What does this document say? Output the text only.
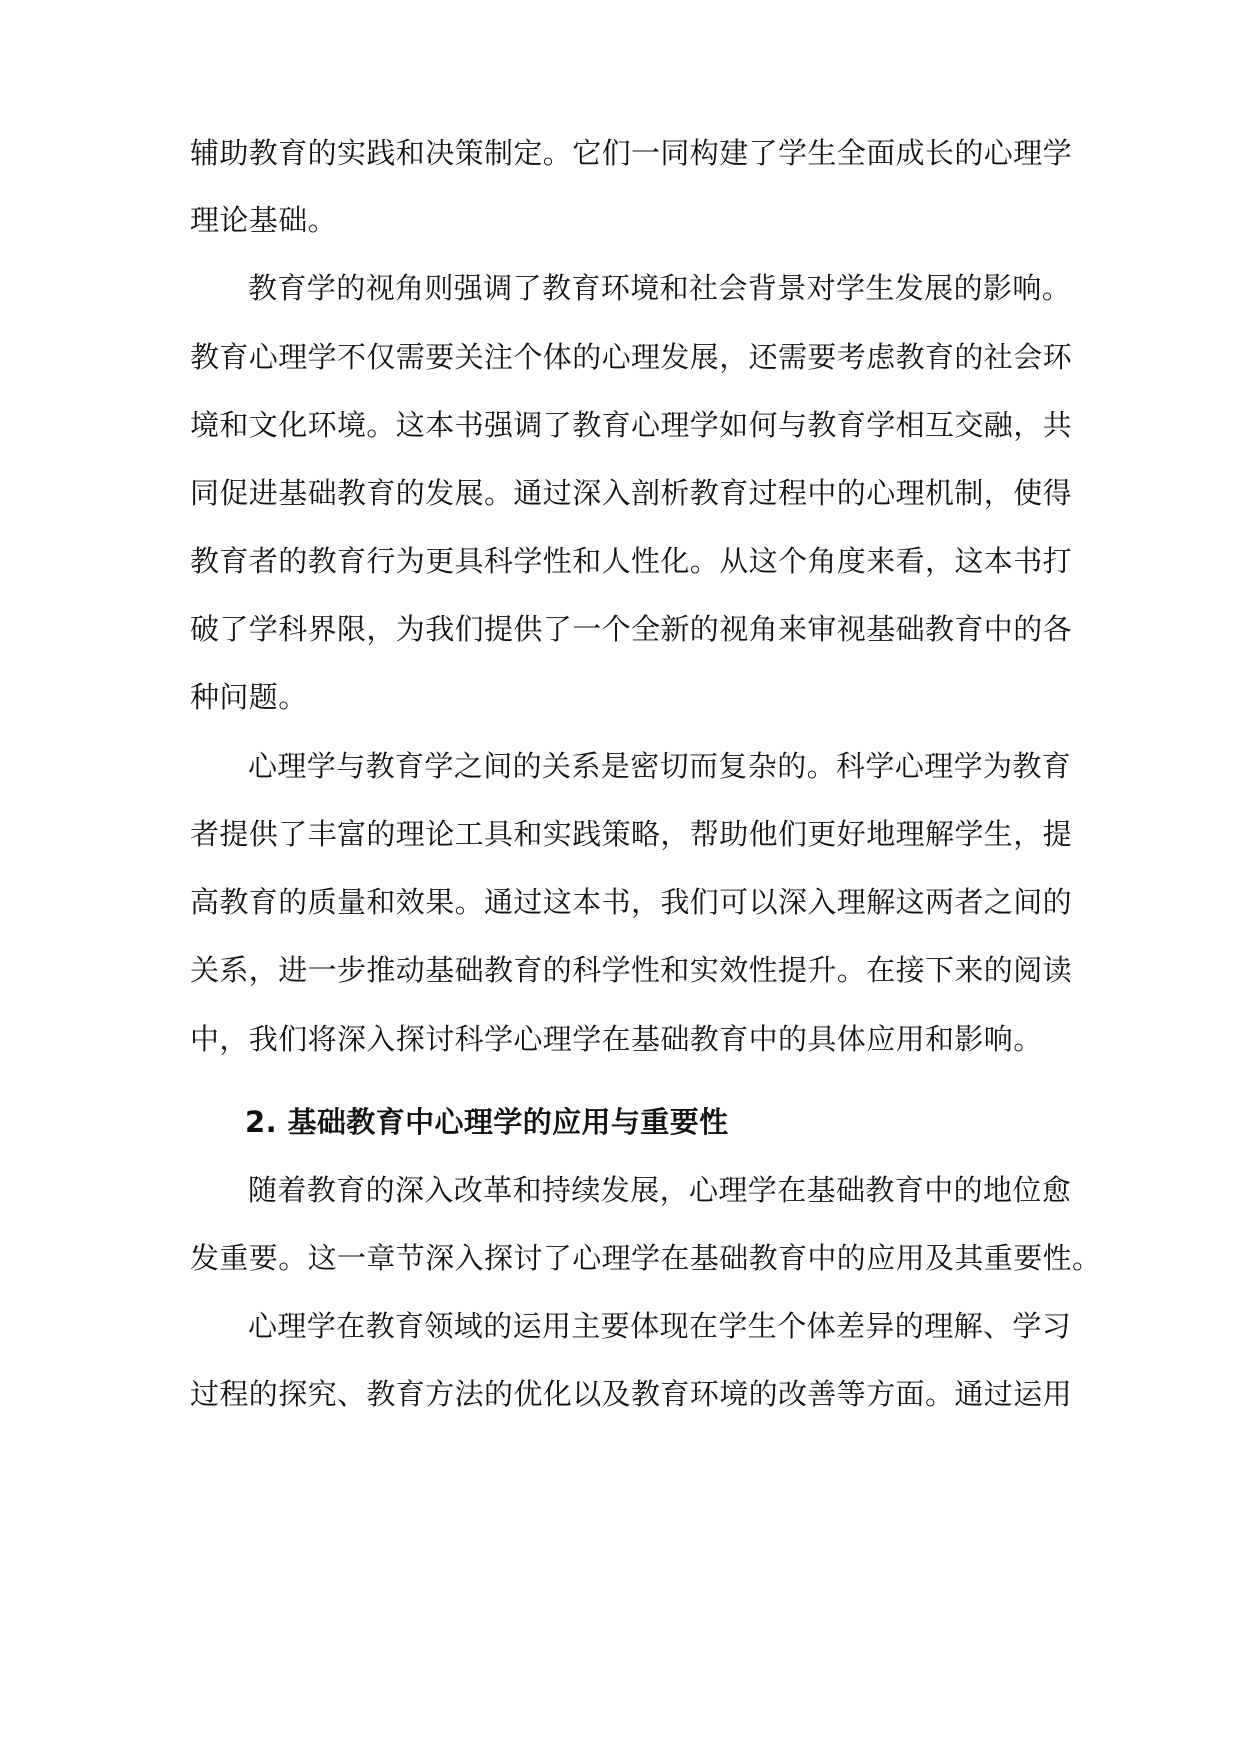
辅助教育的实践和决策制定。它们一同构建了学生全面成长的心理学
理论基础。
教育学的视角则强调了教育环境和社会背景对学生发展的影响。
教育心理学不仅需要关注个体的心理发展，还需要考虑教育的社会环
境和文化环境。这本书强调了教育心理学如何与教育学相互交融，共
同促进基础教育的发展。通过深入剖析教育过程中的心理机制，使得
教育者的教育行为更具科学性和人性化。从这个角度来看，这本书打
破了学科界限，为我们提供了一个全新的视角来审视基础教育中的各
种问题。
心理学与教育学之间的关系是密切而复杂的。科学心理学为教育
者提供了丰富的理论工具和实践策略，帮助他们更好地理解学生，提
高教育的质量和效果。通过这本书，我们可以深入理解这两者之间的
关系，进一步推动基础教育的科学性和实效性提升。在接下来的阅读
中，我们将深入探讨科学心理学在基础教育中的具体应用和影响。
2. 基础教育中心理学的应用与重要性
随着教育的深入改革和持续发展，心理学在基础教育中的地位愈
发重要。这一章节深入探讨了心理学在基础教育中的应用及其重要性。
心理学在教育领域的运用主要体现在学生个体差异的理解、学习
过程的探究、教育方法的优化以及教育环境的改善等方面。通过运用
